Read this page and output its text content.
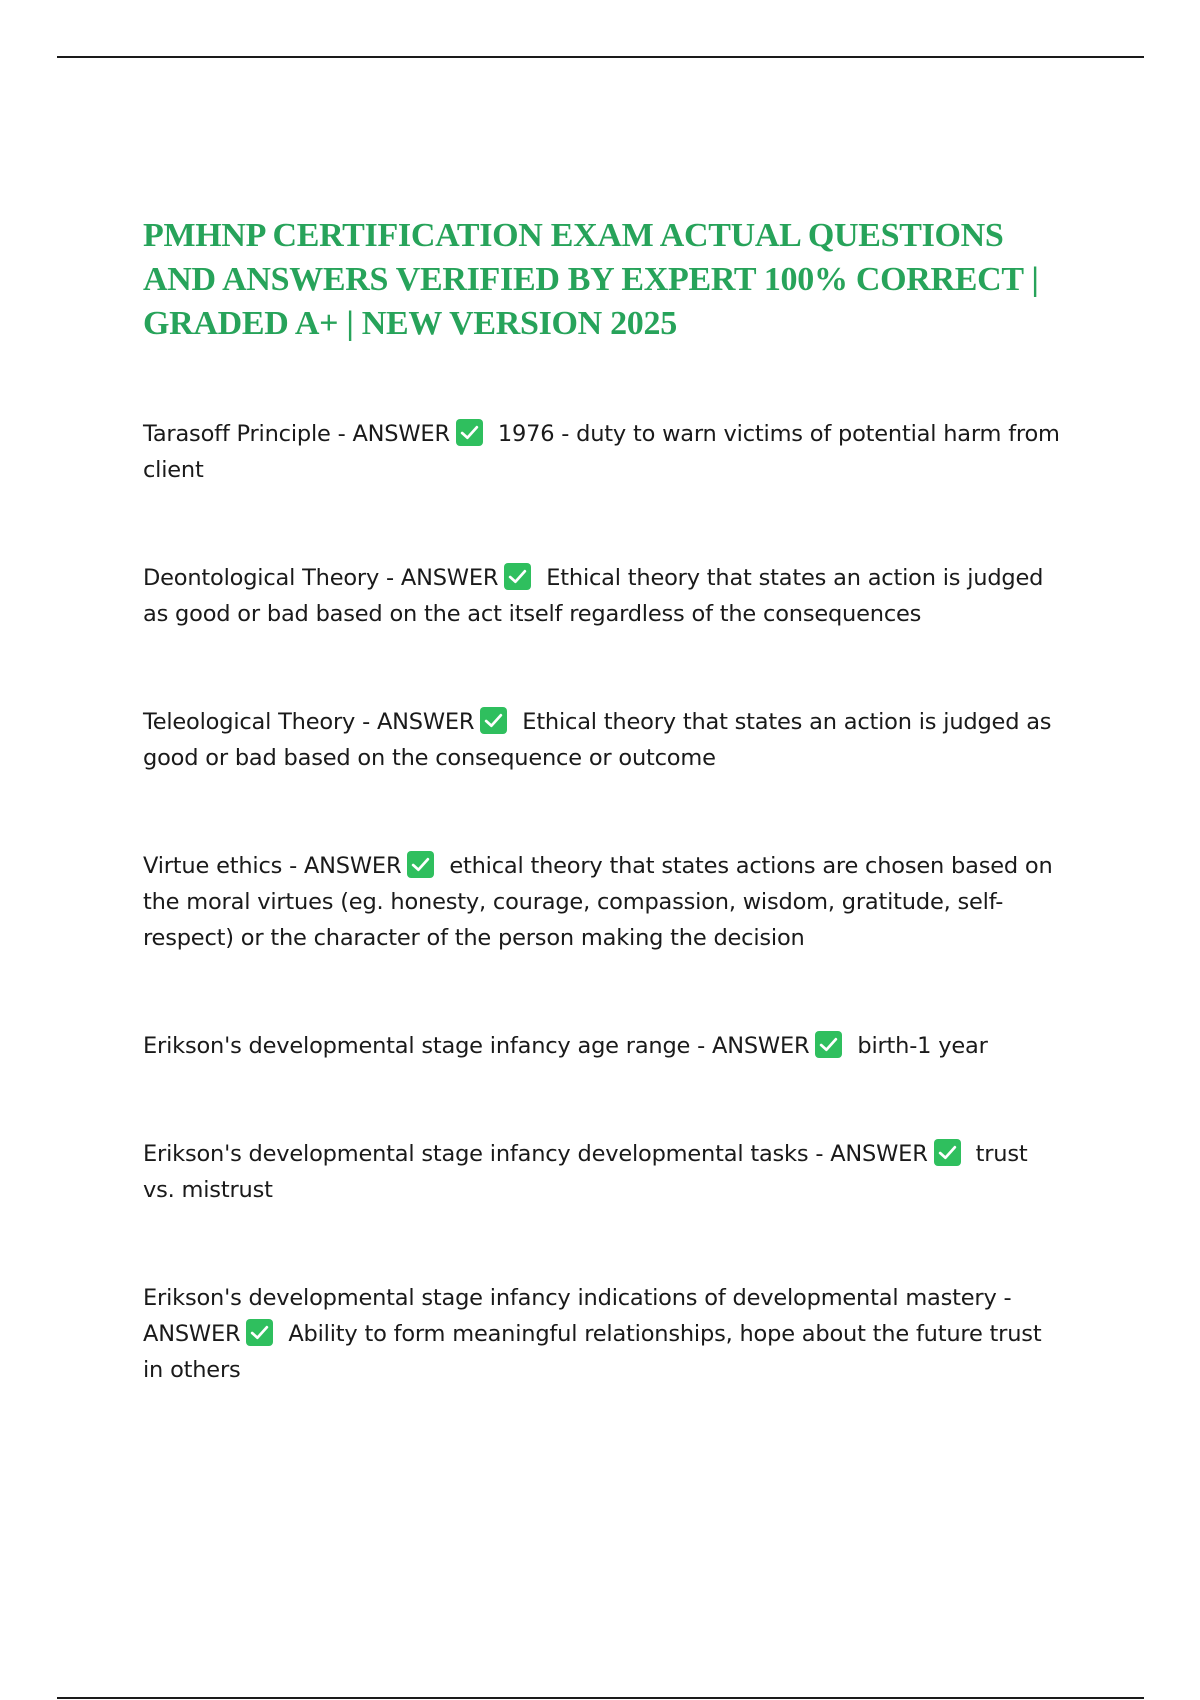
PMHNP CERTIFICATION EXAM ACTUAL QUESTIONS AND ANSWERS VERIFIED BY EXPERT 100% CORRECT | GRADED A+ | NEW VERSION 2025

Tarasoff Principle - ANSWER 1976 - duty to warn victims of potential harm from client

Deontological Theory - ANSWER Ethical theory that states an action is judged as good or bad based on the act itself regardless of the consequences

Teleological Theory - ANSWER Ethical theory that states an action is judged as good or bad based on the consequence or outcome

Virtue ethics - ANSWER ethical theory that states actions are chosen based on the moral virtues (eg. honesty, courage, compassion, wisdom, gratitude, self-respect) or the character of the person making the decision

Erikson's developmental stage infancy age range - ANSWER birth-1 year

Erikson's developmental stage infancy developmental tasks - ANSWER trust vs. mistrust

Erikson's developmental stage infancy indications of developmental mastery - ANSWER Ability to form meaningful relationships, hope about the future trust in others
